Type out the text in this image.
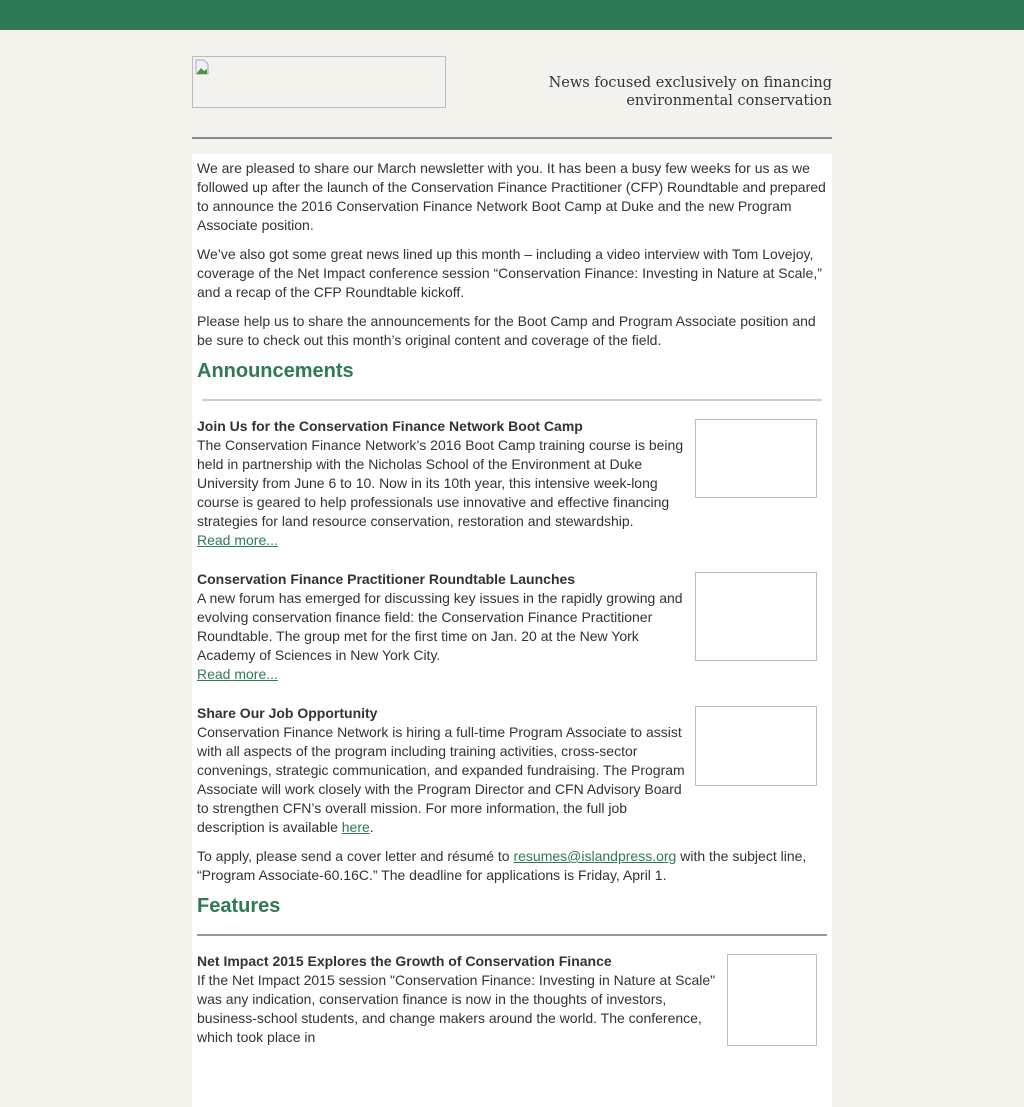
News focused exclusively on financing
environmental conservation

We are pleased to share our March newsletter with you. It has been a busy few weeks for us as we followed up after the launch of the Conservation Finance Practitioner (CFP) Roundtable and prepared to announce the 2016 Conservation Finance Network Boot Camp at Duke and the new Program Associate position.

We’ve also got some great news lined up this month – including a video interview with Tom Lovejoy, coverage of the Net Impact conference session “Conservation Finance: Investing in Nature at Scale,” and a recap of the CFP Roundtable kickoff.

Please help us to share the announcements for the Boot Camp and Program Associate position and be sure to check out this month’s original content and coverage of the field.

Announcements
Join Us for the Conservation Finance Network Boot Camp
The Conservation Finance Network’s 2016 Boot Camp training course is being held in partnership with the Nicholas School of the Environment at Duke University from June 6 to 10. Now in its 10th year, this intensive week-long course is geared to help professionals use innovative and effective financing strategies for land resource conservation, restoration and stewardship.
Read more...
Conservation Finance Practitioner Roundtable Launches
A new forum has emerged for discussing key issues in the rapidly growing and evolving conservation finance field: the Conservation Finance Practitioner Roundtable. The group met for the first time on Jan. 20 at the New York Academy of Sciences in New York City.
Read more...
Share Our Job Opportunity
Conservation Finance Network is hiring a full-time Program Associate to assist with all aspects of the program including training activities, cross-sector convenings, strategic communication, and expanded fundraising. The Program Associate will work closely with the Program Director and CFN Advisory Board to strengthen CFN’s overall mission. For more information, the full job description is available here.

To apply, please send a cover letter and résumé to resumes@islandpress.org with the subject line, “Program Associate-60.16C.” The deadline for applications is Friday, April 1.

Features
Net Impact 2015 Explores the Growth of Conservation Finance
If the Net Impact 2015 session "Conservation Finance: Investing in Nature at Scale" was any indication, conservation finance is now in the thoughts of investors, business-school students, and change makers around the world. The conference, which took place in
